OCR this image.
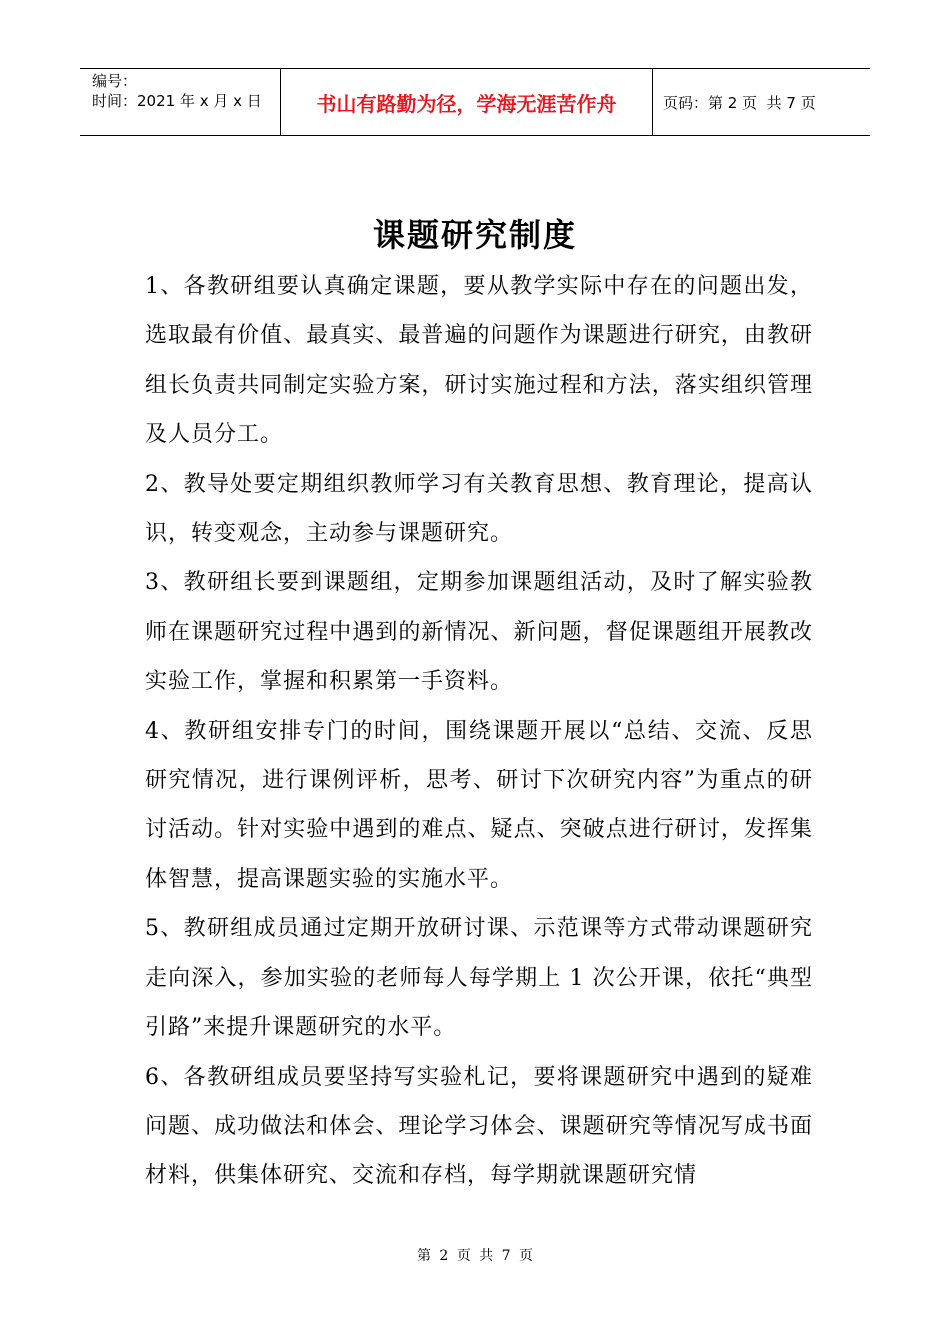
编号：
时间：2021 年 x 月 x 日	书山有路勤为径，学海无涯苦作舟	页码：第 2 页  共 7 页
课题研究制度

1、各教研组要认真确定课题，要从教学实际中存在的问题出发，选取最有价值、最真实、最普遍的问题作为课题进行研究，由教研组长负责共同制定实验方案，研讨实施过程和方法，落实组织管理及人员分工。

2、教导处要定期组织教师学习有关教育思想、教育理论，提高认识，转变观念，主动参与课题研究。

3、教研组长要到课题组，定期参加课题组活动，及时了解实验教师在课题研究过程中遇到的新情况、新问题，督促课题组开展教改实验工作，掌握和积累第一手资料。

4、教研组安排专门的时间，围绕课题开展以“总结、交流、反思研究情况，进行课例评析，思考、研讨下次研究内容”为重点的研讨活动。针对实验中遇到的难点、疑点、突破点进行研讨，发挥集体智慧，提高课题实验的实施水平。

5、教研组成员通过定期开放研讨课、示范课等方式带动课题研究走向深入，参加实验的老师每人每学期上 1 次公开课，依托“典型引路”来提升课题研究的水平。

6、各教研组成员要坚持写实验札记，要将课题研究中遇到的疑难问题、成功做法和体会、理论学习体会、课题研究等情况写成书面材料，供集体研究、交流和存档，每学期就课题研究情

第 2 页 共 7 页
